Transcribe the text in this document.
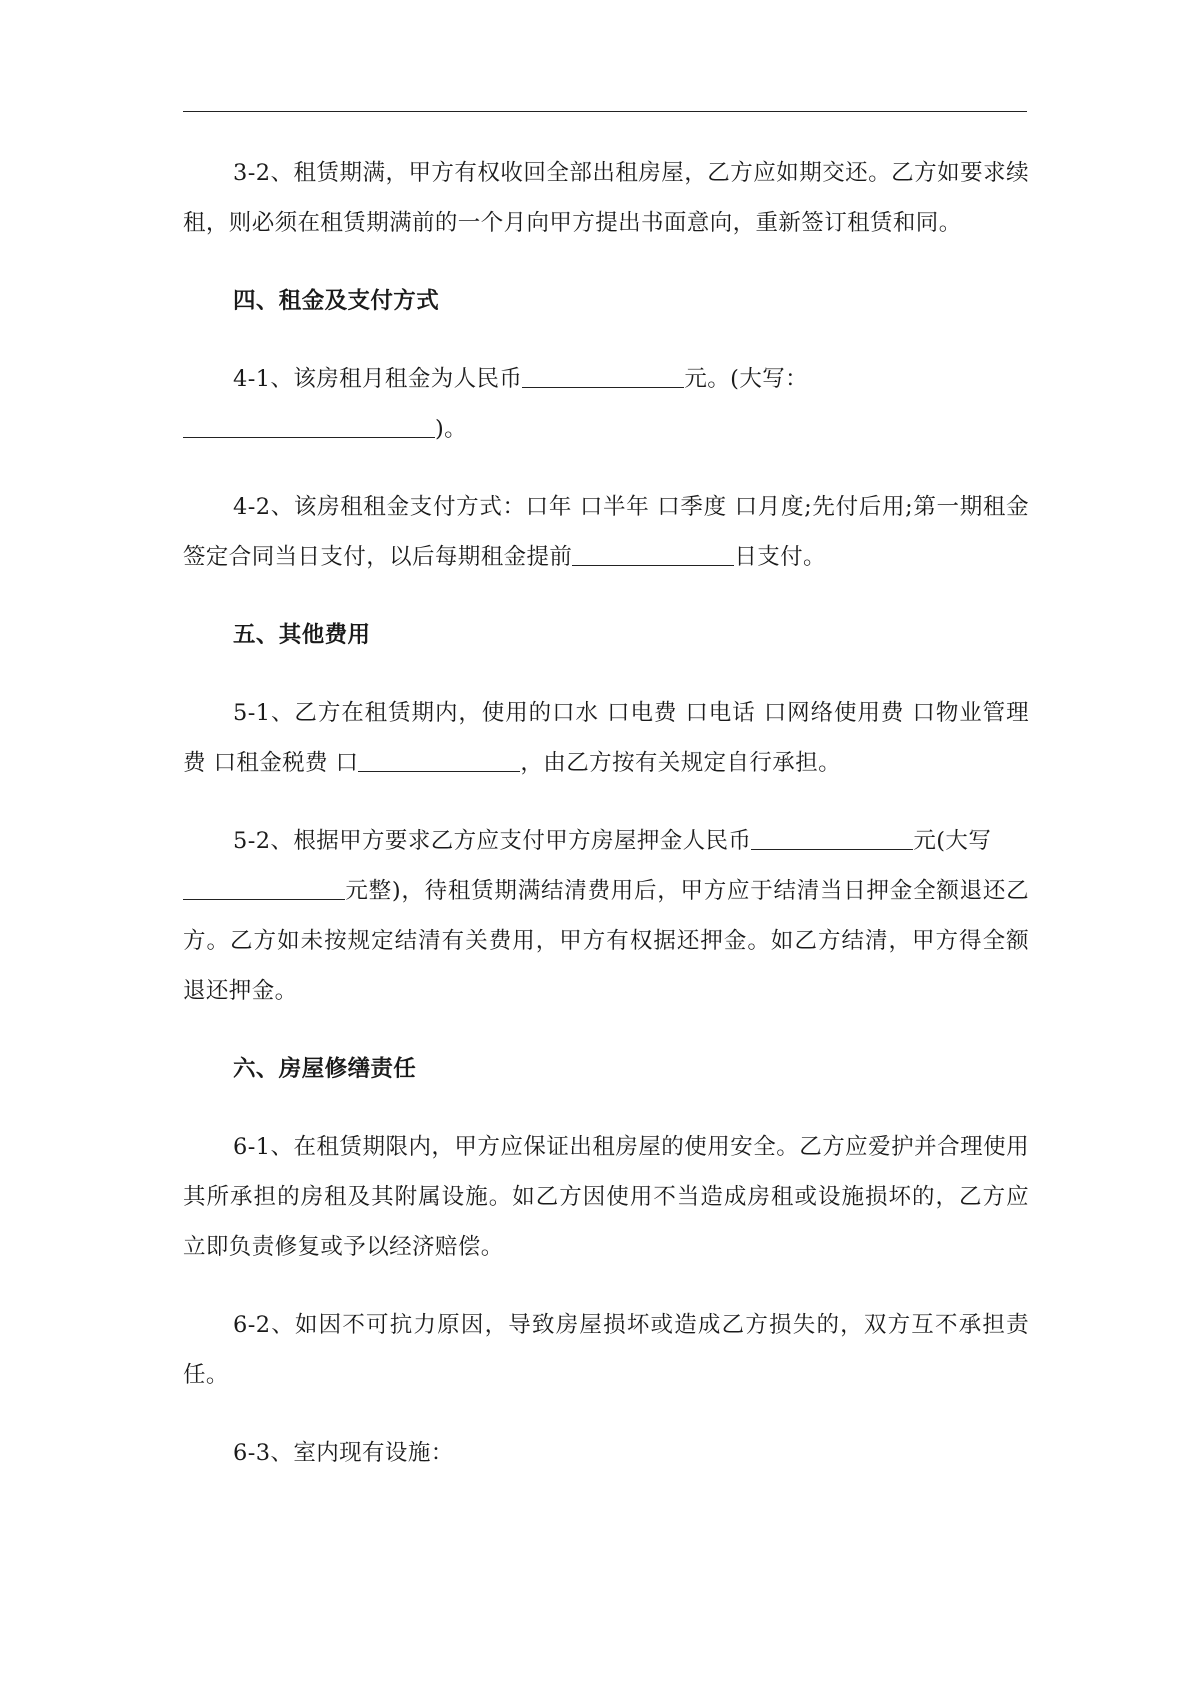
3-2、租赁期满，甲方有权收回全部出租房屋，乙方应如期交还。乙方如要求续租，则必须在租赁期满前的一个月向甲方提出书面意向，重新签订租赁和同。

四、租金及支付方式

4-1、该房租月租金为人民币	元。(大写：
)。

4-2、该房租租金支付方式：口年 口半年 口季度 口月度;先付后用;第一期租金签定合同当日支付，以后每期租金提前	日支付。

五、其他费用

5-1、乙方在租赁期内，使用的口水 口电费 口电话 口网络使用费 口物业管理费 口租金税费 口	，由乙方按有关规定自行承担。

5-2、根据甲方要求乙方应支付甲方房屋押金人民币	元(大写
元整)，待租赁期满结清费用后，甲方应于结清当日押金全额退还乙方。乙方如未按规定结清有关费用，甲方有权据还押金。如乙方结清，甲方得全额退还押金。

六、房屋修缮责任

6-1、在租赁期限内，甲方应保证出租房屋的使用安全。乙方应爱护并合理使用其所承担的房租及其附属设施。如乙方因使用不当造成房租或设施损坏的，乙方应立即负责修复或予以经济赔偿。

6-2、如因不可抗力原因，导致房屋损坏或造成乙方损失的，双方互不承担责任。

6-3、室内现有设施：
